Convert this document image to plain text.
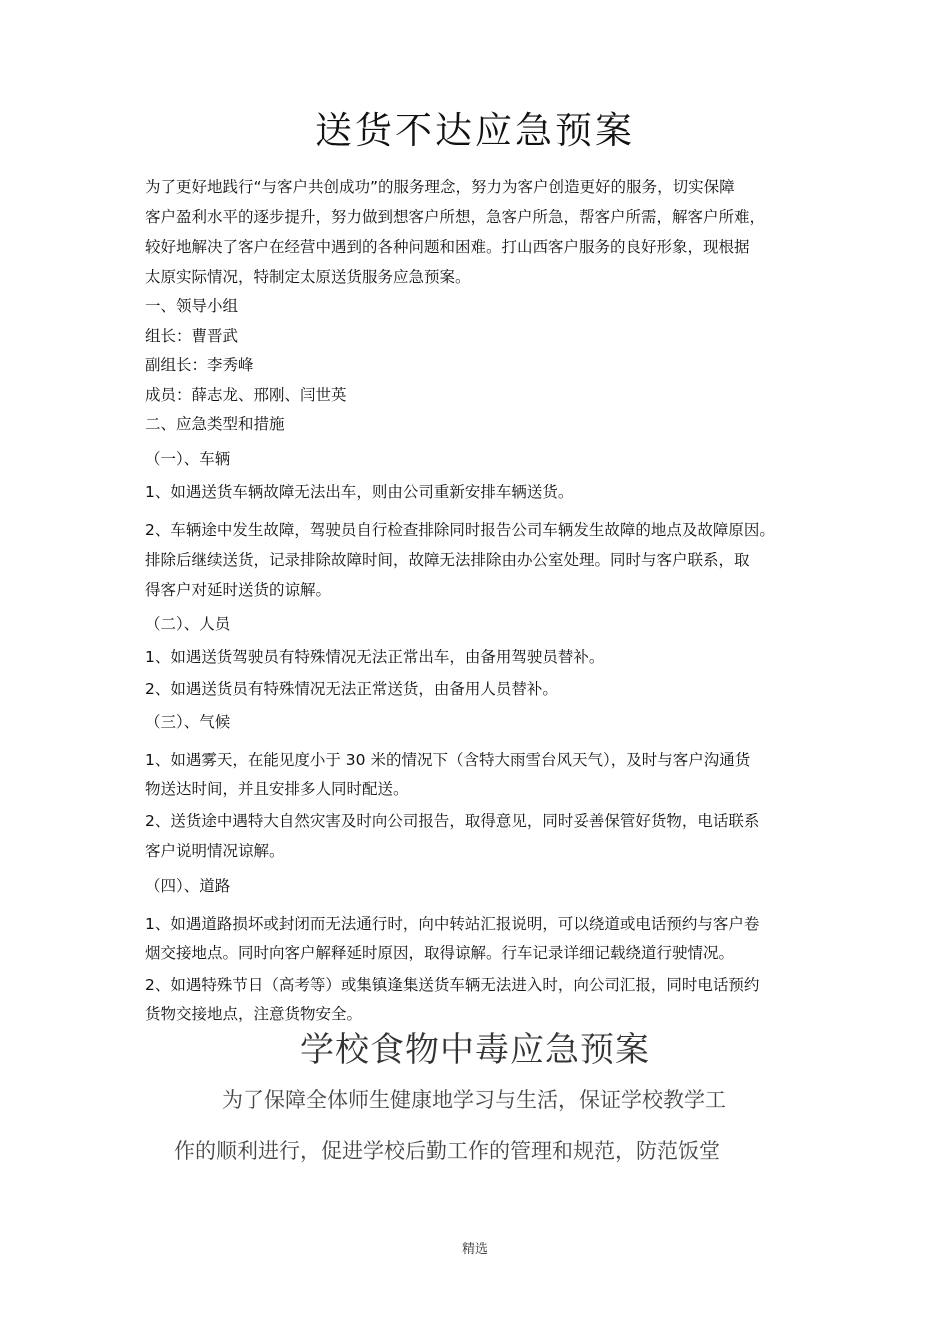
送货不达应急预案
为了更好地践行“与客户共创成功”的服务理念，努力为客户创造更好的服务，切实保障
客户盈利水平的逐步提升，努力做到想客户所想，急客户所急，帮客户所需，解客户所难，
较好地解决了客户在经营中遇到的各种问题和困难。打山西客户服务的良好形象，现根据
太原实际情况，特制定太原送货服务应急预案。
一、领导小组
组长：曹晋武
副组长：李秀峰
成员：薛志龙、邢刚、闫世英
二、应急类型和措施
（一）、车辆
1、如遇送货车辆故障无法出车，则由公司重新安排车辆送货。
2、车辆途中发生故障，驾驶员自行检查排除同时报告公司车辆发生故障的地点及故障原因。
排除后继续送货，记录排除故障时间，故障无法排除由办公室处理。同时与客户联系，取
得客户对延时送货的谅解。
（二）、人员
1、如遇送货驾驶员有特殊情况无法正常出车，由备用驾驶员替补。
2、如遇送货员有特殊情况无法正常送货，由备用人员替补。
（三）、气候
1、如遇雾天，在能见度小于 30 米的情况下（含特大雨雪台风天气），及时与客户沟通货
物送达时间，并且安排多人同时配送。
2、送货途中遇特大自然灾害及时向公司报告，取得意见，同时妥善保管好货物，电话联系
客户说明情况谅解。
（四）、道路
1、如遇道路损坏或封闭而无法通行时，向中转站汇报说明，可以绕道或电话预约与客户卷
烟交接地点。同时向客户解释延时原因，取得谅解。行车记录详细记载绕道行驶情况。
2、如遇特殊节日（高考等）或集镇逢集送货车辆无法进入时，向公司汇报，同时电话预约
货物交接地点，注意货物安全。
学校食物中毒应急预案
为了保障全体师生健康地学习与生活，保证学校教学工
作的顺利进行，促进学校后勤工作的管理和规范，防范饭堂
精选
